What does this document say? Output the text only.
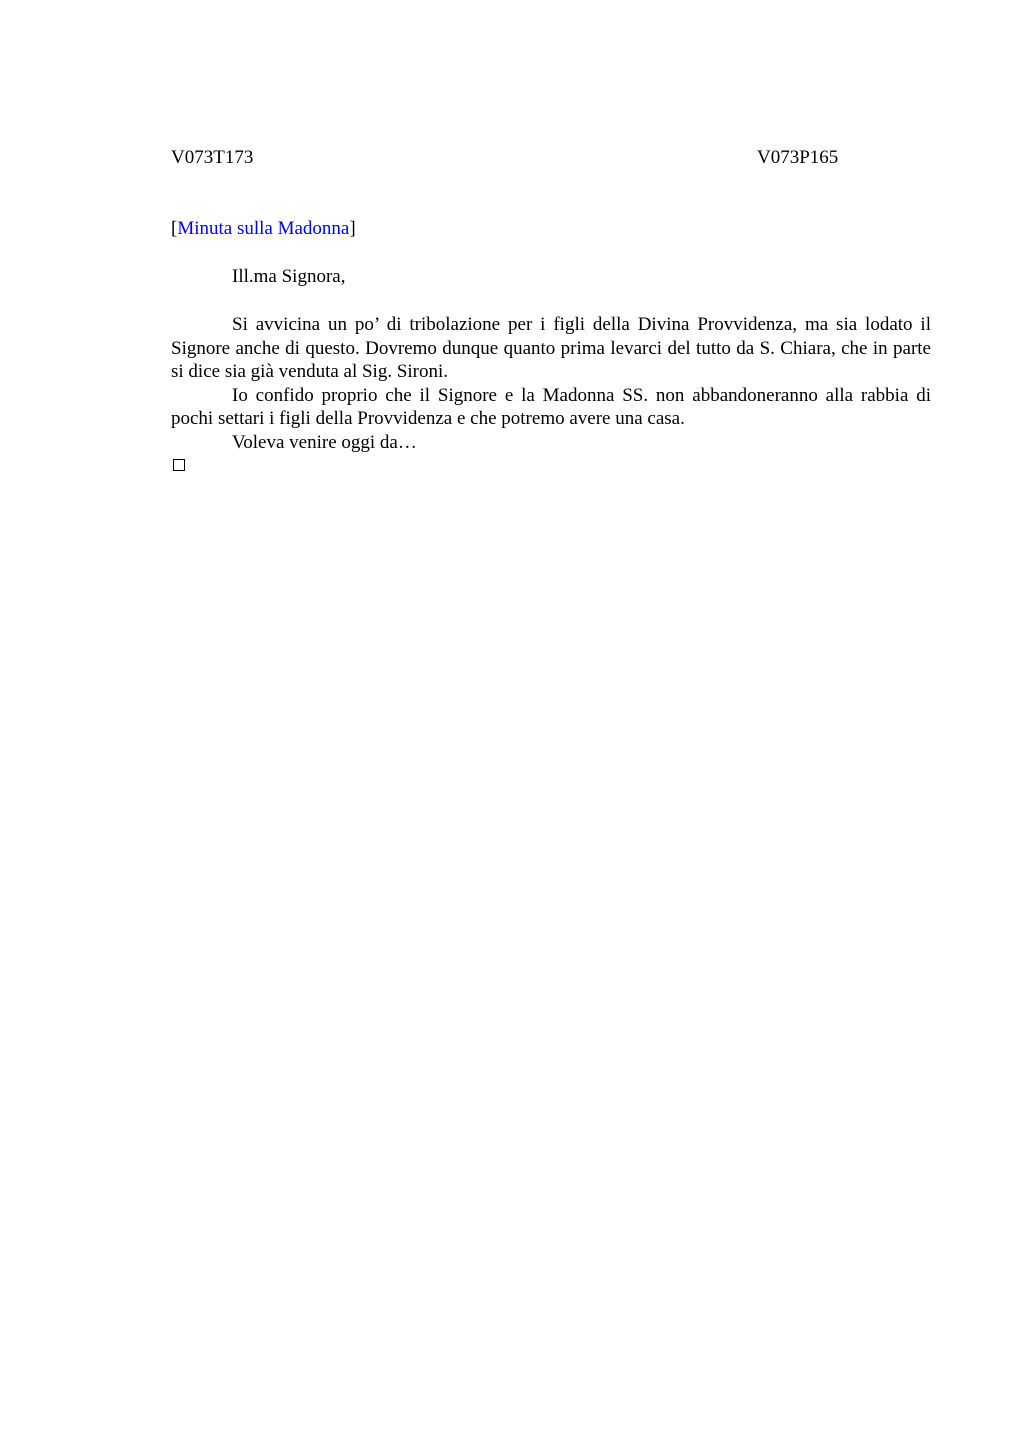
V073T173	V073P165
[Minuta sulla Madonna]
Ill.ma Signora,

Si avvicina un po’ di tribolazione per i figli della Divina Provvidenza, ma sia lodato il Signore anche di questo. Dovremo dunque quanto prima levarci del tutto da S. Chiara, che in parte si dice sia già venduta al Sig. Sironi.

Io confido proprio che il Signore e la Madonna SS. non abbandoneranno alla rabbia di pochi settari i figli della Provvidenza e che potremo avere una casa.

Voleva venire oggi da…
